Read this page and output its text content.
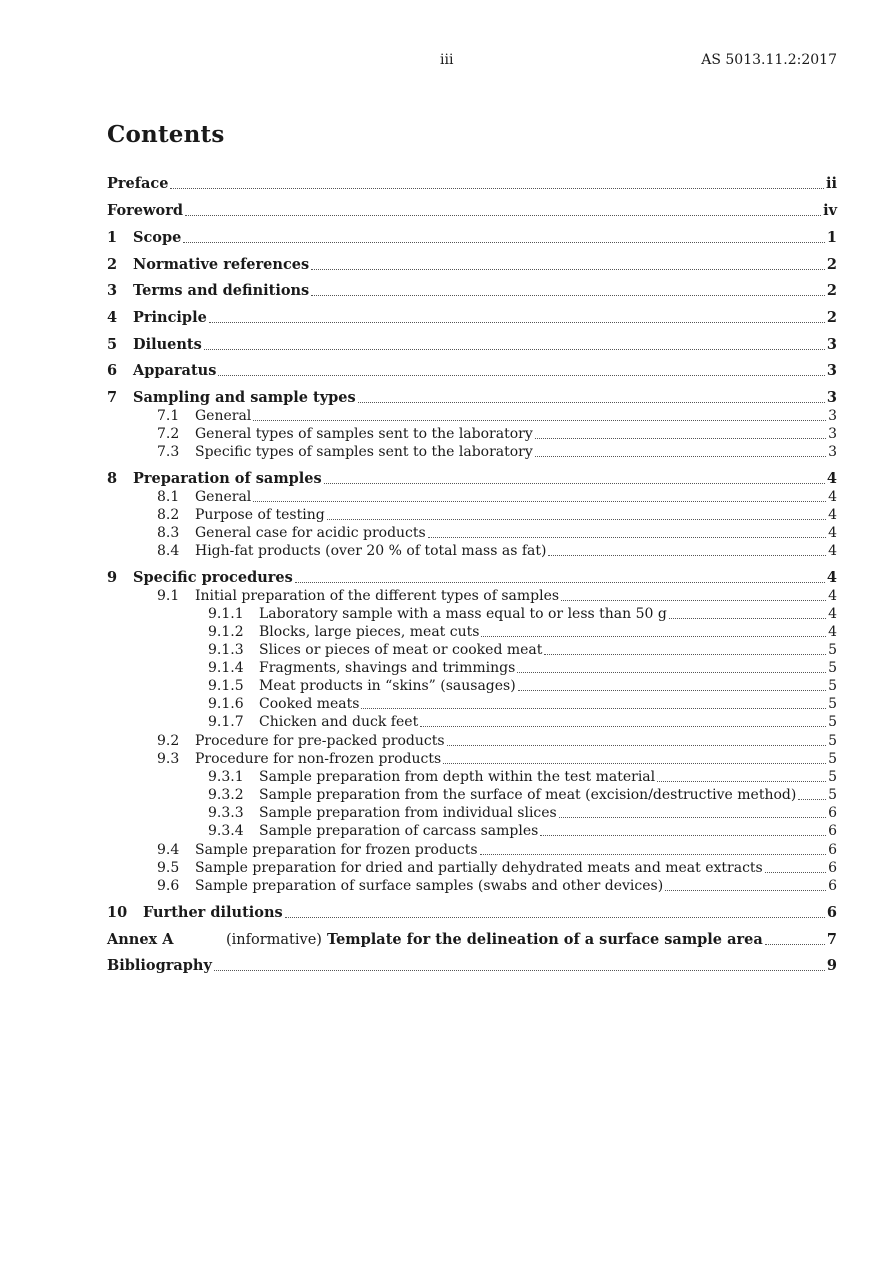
iii	AS 5013.11.2:2017
Contents
Preface	ii
Foreword	iv
1	Scope	1
2	Normative references	2
3	Terms and definitions	2
4	Principle	2
5	Diluents	3
6	Apparatus	3
7	Sampling and sample types	3
7.1	General	3
7.2	General types of samples sent to the laboratory	3
7.3	Specific types of samples sent to the laboratory	3
8	Preparation of samples	4
8.1	General	4
8.2	Purpose of testing	4
8.3	General case for acidic products	4
8.4	High-fat products (over 20 % of total mass as fat)	4
9	Specific procedures	4
9.1	Initial preparation of the different types of samples	4
9.1.1	Laboratory sample with a mass equal to or less than 50 g	4
9.1.2	Blocks, large pieces, meat cuts	4
9.1.3	Slices or pieces of meat or cooked meat	5
9.1.4	Fragments, shavings and trimmings	5
9.1.5	Meat products in “skins” (sausages)	5
9.1.6	Cooked meats	5
9.1.7	Chicken and duck feet	5
9.2	Procedure for pre-packed products	5
9.3	Procedure for non-frozen products	5
9.3.1	Sample preparation from depth within the test material	5
9.3.2	Sample preparation from the surface of meat (excision/destructive method) 5
9.3.3	Sample preparation from individual slices	6
9.3.4	Sample preparation of carcass samples	6
9.4	Sample preparation for frozen products	6
9.5	Sample preparation for dried and partially dehydrated meats and meat extracts	6
9.6	Sample preparation of surface samples (swabs and other devices)	6
10	Further dilutions	6
Annex A	(informative) Template for the delineation of a surface sample area	7
Bibliography	9
